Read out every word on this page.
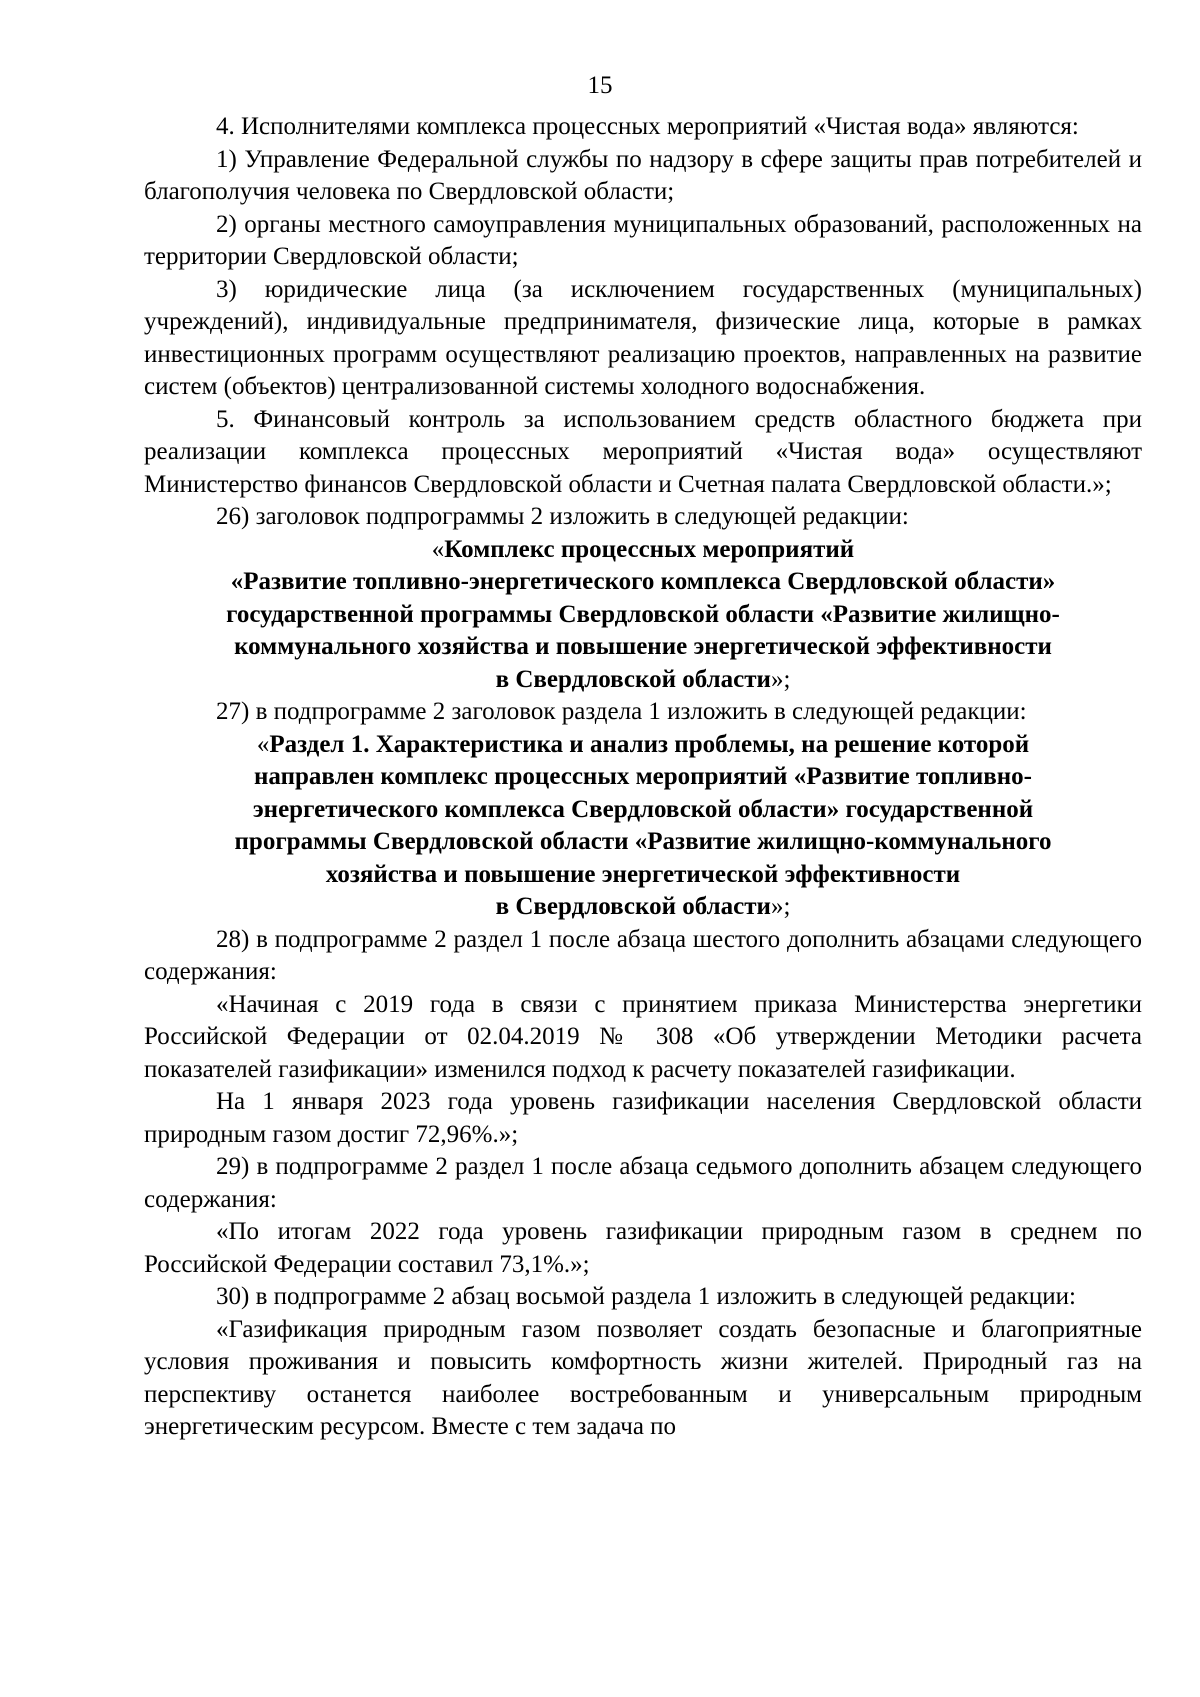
15

4. Исполнителями комплекса процессных мероприятий «Чистая вода» являются:

1) Управление Федеральной службы по надзору в сфере защиты прав потребителей и благополучия человека по Свердловской области;

2) органы местного самоуправления муниципальных образований, расположенных на территории Свердловской области;

3) юридические лица (за исключением государственных (муниципальных) учреждений), индивидуальные предпринимателя, физические лица, которые в рамках инвестиционных программ осуществляют реализацию проектов, направленных на развитие систем (объектов) централизованной системы холодного водоснабжения.

5. Финансовый контроль за использованием средств областного бюджета при реализации комплекса процессных мероприятий «Чистая вода» осуществляют Министерство финансов Свердловской области и Счетная палата Свердловской области.»;

26) заголовок подпрограммы 2 изложить в следующей редакции:

«Комплекс процессных мероприятий
«Развитие топливно-энергетического комплекса Свердловской области»
государственной программы Свердловской области «Развитие жилищно-
коммунального хозяйства и повышение энергетической эффективности
в Свердловской области»;

27) в подпрограмме 2 заголовок раздела 1 изложить в следующей редакции:

«Раздел 1. Характеристика и анализ проблемы, на решение которой
направлен комплекс процессных мероприятий «Развитие топливно-
энергетического комплекса Свердловской области» государственной
программы Свердловской области «Развитие жилищно-коммунального
хозяйства и повышение энергетической эффективности
в Свердловской области»;

28) в подпрограмме 2 раздел 1 после абзаца шестого дополнить абзацами следующего содержания:

«Начиная с 2019 года в связи с принятием приказа Министерства энергетики Российской Федерации от 02.04.2019 № 308 «Об утверждении Методики расчета показателей газификации» изменился подход к расчету показателей газификации.

На 1 января 2023 года уровень газификации населения Свердловской области природным газом достиг 72,96%.»;

29) в подпрограмме 2 раздел 1 после абзаца седьмого дополнить абзацем следующего содержания:

«По итогам 2022 года уровень газификации природным газом в среднем по Российской Федерации составил 73,1%.»;

30) в подпрограмме 2 абзац восьмой раздела 1 изложить в следующей редакции:

«Газификация природным газом позволяет создать безопасные и благоприятные условия проживания и повысить комфортность жизни жителей. Природный газ на перспективу останется наиболее востребованным и универсальным природным энергетическим ресурсом. Вместе с тем задача по
